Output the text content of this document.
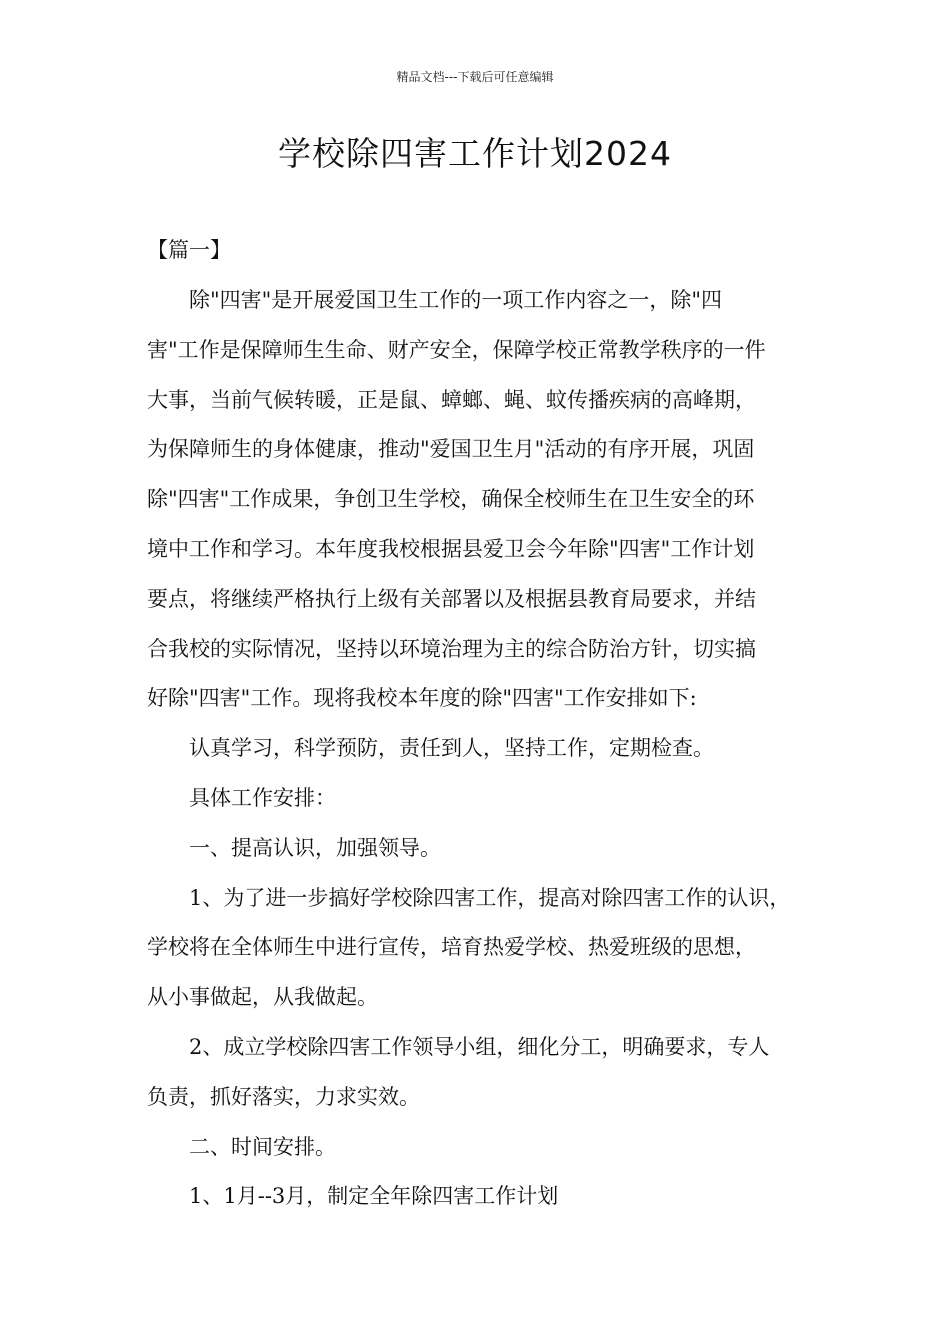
精品文档---下载后可任意编辑
学校除四害工作计划2024

【篇一】

除"四害"是开展爱国卫生工作的一项工作内容之一，除"四
害"工作是保障师生生命、财产安全，保障学校正常教学秩序的一件
大事，当前气候转暖，正是鼠、蟑螂、蝇、蚊传播疾病的高峰期，
为保障师生的身体健康，推动"爱国卫生月"活动的有序开展，巩固
除"四害"工作成果，争创卫生学校，确保全校师生在卫生安全的环
境中工作和学习。本年度我校根据县爱卫会今年除"四害"工作计划
要点，将继续严格执行上级有关部署以及根据县教育局要求，并结
合我校的实际情况，坚持以环境治理为主的综合防治方针，切实搞
好除"四害"工作。现将我校本年度的除"四害"工作安排如下:
认真学习，科学预防，责任到人，坚持工作，定期检查。
具体工作安排：
一、提高认识，加强领导。
1、为了进一步搞好学校除四害工作，提高对除四害工作的认识，
学校将在全体师生中进行宣传，培育热爱学校、热爱班级的思想，
从小事做起，从我做起。
2、成立学校除四害工作领导小组，细化分工，明确要求，专人
负责，抓好落实，力求实效。
二、时间安排。
1、1月--3月，制定全年除四害工作计划
